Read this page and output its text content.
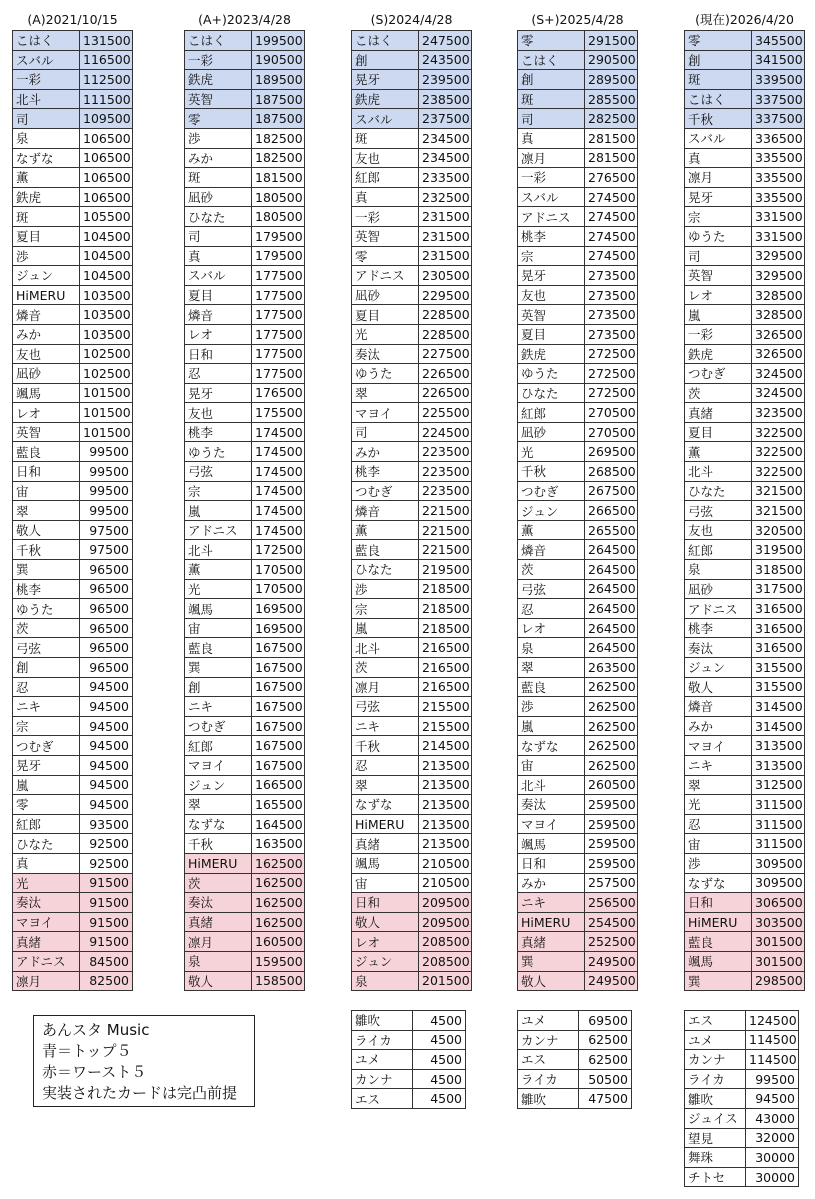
(A)2021/10/15
こはく	131500
スバル	116500
一彩	112500
北斗	111500
司	109500
泉	106500
なずな	106500
薫	106500
鉄虎	106500
斑	105500
夏目	104500
渉	104500
ジュン	104500
HiMERU	103500
燐音	103500
みか	103500
友也	102500
凪砂	102500
颯馬	101500
レオ	101500
英智	101500
藍良	99500
日和	99500
宙	99500
翠	99500
敬人	97500
千秋	97500
巽	96500
桃李	96500
ゆうた	96500
茨	96500
弓弦	96500
創	96500
忍	94500
ニキ	94500
宗	94500
つむぎ	94500
晃牙	94500
嵐	94500
零	94500
紅郎	93500
ひなた	92500
真	92500
光	91500
奏汰	91500
マヨイ	91500
真緒	91500
アドニス	84500
凛月	82500
(A+)2023/4/28
こはく	199500
一彩	190500
鉄虎	189500
英智	187500
零	187500
渉	182500
みか	182500
斑	181500
凪砂	180500
ひなた	180500
司	179500
真	179500
スバル	177500
夏目	177500
燐音	177500
レオ	177500
日和	177500
忍	177500
晃牙	176500
友也	175500
桃李	174500
ゆうた	174500
弓弦	174500
宗	174500
嵐	174500
アドニス	174500
北斗	172500
薫	170500
光	170500
颯馬	169500
宙	169500
藍良	167500
巽	167500
創	167500
ニキ	167500
つむぎ	167500
紅郎	167500
マヨイ	167500
ジュン	166500
翠	165500
なずな	164500
千秋	163500
HiMERU	162500
茨	162500
奏汰	162500
真緒	162500
凛月	160500
泉	159500
敬人	158500
(S)2024/4/28
こはく	247500
創	243500
晃牙	239500
鉄虎	238500
スバル	237500
斑	234500
友也	234500
紅郎	233500
真	232500
一彩	231500
英智	231500
零	231500
アドニス	230500
凪砂	229500
夏目	228500
光	228500
奏汰	227500
ゆうた	226500
翠	226500
マヨイ	225500
司	224500
みか	223500
桃李	223500
つむぎ	223500
燐音	221500
薫	221500
藍良	221500
ひなた	219500
渉	218500
宗	218500
嵐	218500
北斗	216500
茨	216500
凛月	216500
弓弦	215500
ニキ	215500
千秋	214500
忍	213500
翠	213500
なずな	213500
HiMERU	213500
真緒	213500
颯馬	210500
宙	210500
日和	209500
敬人	209500
レオ	208500
ジュン	208500
泉	201500
(S+)2025/4/28
零	291500
こはく	290500
創	289500
斑	285500
司	282500
真	281500
凛月	281500
一彩	276500
スバル	274500
アドニス	274500
桃李	274500
宗	274500
晃牙	273500
友也	273500
英智	273500
夏目	273500
鉄虎	272500
ゆうた	272500
ひなた	272500
紅郎	270500
凪砂	270500
光	269500
千秋	268500
つむぎ	267500
ジュン	266500
薫	265500
燐音	264500
茨	264500
弓弦	264500
忍	264500
レオ	264500
泉	264500
翠	263500
藍良	262500
渉	262500
嵐	262500
なずな	262500
宙	262500
北斗	260500
奏汰	259500
マヨイ	259500
颯馬	259500
日和	259500
みか	257500
ニキ	256500
HiMERU	254500
真緒	252500
巽	249500
敬人	249500
(現在)2026/4/20
零	345500
創	341500
斑	339500
こはく	337500
千秋	337500
スバル	336500
真	335500
凛月	335500
晃牙	335500
宗	331500
ゆうた	331500
司	329500
英智	329500
レオ	328500
嵐	328500
一彩	326500
鉄虎	326500
つむぎ	324500
茨	324500
真緒	323500
夏目	322500
薫	322500
北斗	322500
ひなた	321500
弓弦	321500
友也	320500
紅郎	319500
泉	318500
凪砂	317500
アドニス	316500
桃李	316500
奏汰	316500
ジュン	315500
敬人	315500
燐音	314500
みか	314500
マヨイ	313500
ニキ	313500
翠	312500
光	311500
忍	311500
宙	311500
渉	309500
なずな	309500
日和	306500
HiMERU	303500
藍良	301500
颯馬	301500
巽	298500
雛吹	4500
ライカ	4500
ユメ	4500
カンナ	4500
エス	4500
ユメ	69500
カンナ	62500
エス	62500
ライカ	50500
雛吹	47500
エス	124500
ユメ	114500
カンナ	114500
ライカ	99500
雛吹	94500
ジュイス	43000
望見	32000
舞珠	30000
チトセ	30000
あんスタ Music
青＝トップ５
赤＝ワースト５
実装されたカードは完凸前提
